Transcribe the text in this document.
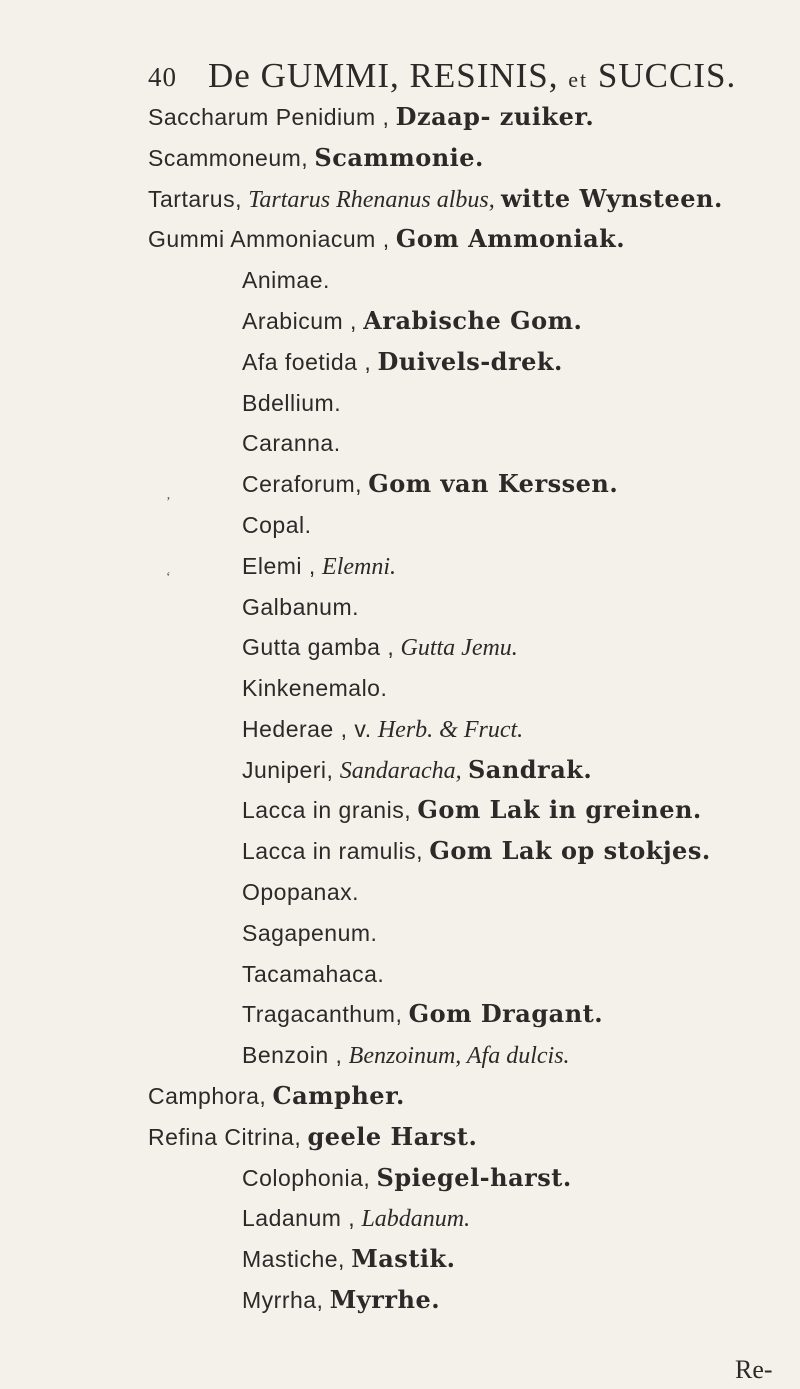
40 De GUMMI, RESINIS, et SUCCIS.
Saccharum Penidium , Dzaap- zuiker.
Scammoneum, Scammonie.
Tartarus, Tartarus Rhenanus albus, witte Wynsteen.
Gummi Ammoniacum , Gom Ammoniak.
Animae.
Arabicum , Arabische Gom.
Afa foetida , Duivels-drek.
Bdellium.
Caranna.
Ceraforum, Gom van Kerssen.
Copal.
Elemi , Elemni.
Galbanum.
Gutta gamba , Gutta Jemu.
Kinkenemalo.
Hederae , v. Herb. & Fruct.
Juniperi, Sandaracha, Sandrak.
Lacca in granis, Gom Lak in greinen.
Lacca in ramulis, Gom Lak op stokjes.
Opopanax.
Sagapenum.
Tacamahaca.
Tragacanthum, Gom Dragant.
Benzoin , Benzoinum, Afa dulcis.
Camphora, Campher.
Refina Citrina, geele Harst.
Colophonia, Spiegel-harst.
Ladanum , Labdanum.
Mastiche, Mastik.
Myrrha, Myrrhe.
ʼ
ʻ
Re-
